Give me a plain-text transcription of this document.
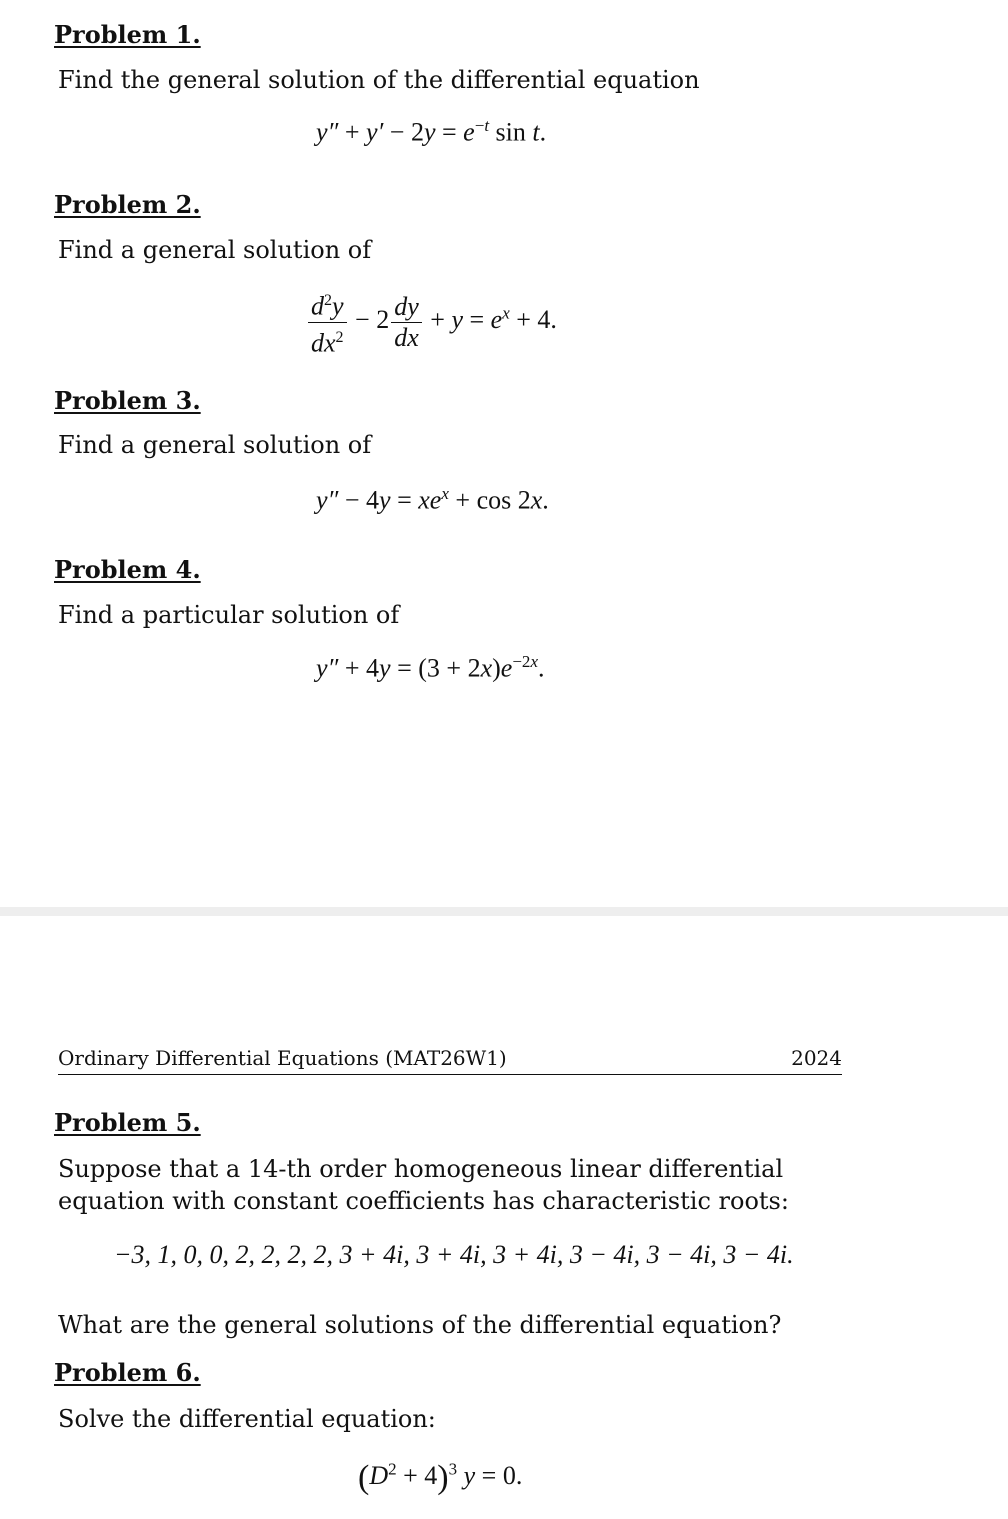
Problem 1.
Find the general solution of the differential equation
$y'' + y' - 2y = e^{-t}$ sin t.
Problem 2.
Find a general solution of
$\frac{d^2y}{dx^2} - 2 \frac{dy}{dx} + y = e^x + 4$.
Problem 3.
Find a general solution of
$y'' - 4y = xe^x + \cos 2x$.
Problem 4.
Find a particular solution of
$y'' + 4y = (3 + 2x)e^{-2x}$.
Ordinary Differential Equations (MAT26W1)	2024
Problem 5.
Suppose that a 14-th order homogeneous linear differential equation with constant coefficients has characteristic roots:
−3, 1, 0, 0, 2, 2, 2, 2, 3 + 4i, 3 + 4i, 3 + 4i, 3 − 4i, 3 − 4i, 3 − 4i.
What are the general solutions of the differential equation?
Problem 6.
Solve the differential equation:
$(D^2 + 4)^3$ y = 0.
